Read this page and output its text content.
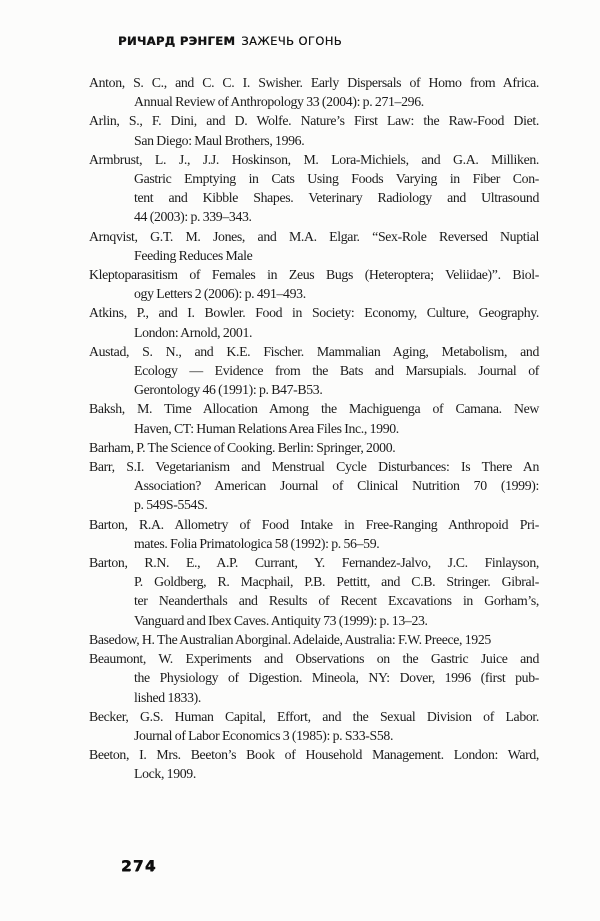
РИЧАРД РЭНГЕМ ЗАЖЕЧЬ ОГОНЬ
Anton, S. C., and C. C. I. Swisher. Early Dispersals of Homo from Africa.
Annual Review of Anthropology 33 (2004): p. 271–296.
Arlin, S., F. Dini, and D. Wolfe. Nature’s First Law: the Raw-Food Diet.
San Diego: Maul Brothers, 1996.
Armbrust, L. J., J.J. Hoskinson, M. Lora-Michiels, and G.A. Milliken.
Gastric Emptying in Cats Using Foods Varying in Fiber Con-
tent and Kibble Shapes. Veterinary Radiology and Ultrasound
44 (2003): p. 339–343.
Arnqvist, G.T. M. Jones, and M.A. Elgar. “Sex-Role Reversed Nuptial
Feeding Reduces Male
Kleptoparasitism of Females in Zeus Bugs (Heteroptera; Veliidae)”. Biol-
ogy Letters 2 (2006): p. 491–493.
Atkins, P., and I. Bowler. Food in Society: Economy, Culture, Geography.
London: Arnold, 2001.
Austad, S. N., and K.E. Fischer. Mammalian Aging, Metabolism, and
Ecology — Evidence from the Bats and Marsupials. Journal of
Gerontology 46 (1991): p. B47-B53.
Baksh, M. Time Allocation Among the Machiguenga of Camana. New
Haven, CT: Human Relations Area Files Inc., 1990.
Barham, P. The Science of Cooking. Berlin: Springer, 2000.
Barr, S.I. Vegetarianism and Menstrual Cycle Disturbances: Is There An
Association? American Journal of Clinical Nutrition 70 (1999):
p. 549S-554S.
Barton, R.A. Allometry of Food Intake in Free-Ranging Anthropoid Pri-
mates. Folia Primatologica 58 (1992): p. 56–59.
Barton, R.N. E., A.P. Currant, Y. Fernandez-Jalvo, J.C. Finlayson,
P. Goldberg, R. Macphail, P.B. Pettitt, and C.B. Stringer. Gibral-
ter Neanderthals and Results of Recent Excavations in Gorham’s,
Vanguard and Ibex Caves. Antiquity 73 (1999): p. 13–23.
Basedow, H. The Australian Aborginal. Adelaide, Australia: F.W. Preece, 1925
Beaumont, W. Experiments and Observations on the Gastric Juice and
the Physiology of Digestion. Mineola, NY: Dover, 1996 (first pub-
lished 1833).
Becker, G.S. Human Capital, Effort, and the Sexual Division of Labor.
Journal of Labor Economics 3 (1985): p. S33-S58.
Beeton, I. Mrs. Beeton’s Book of Household Management. London: Ward,
Lock, 1909.
274
